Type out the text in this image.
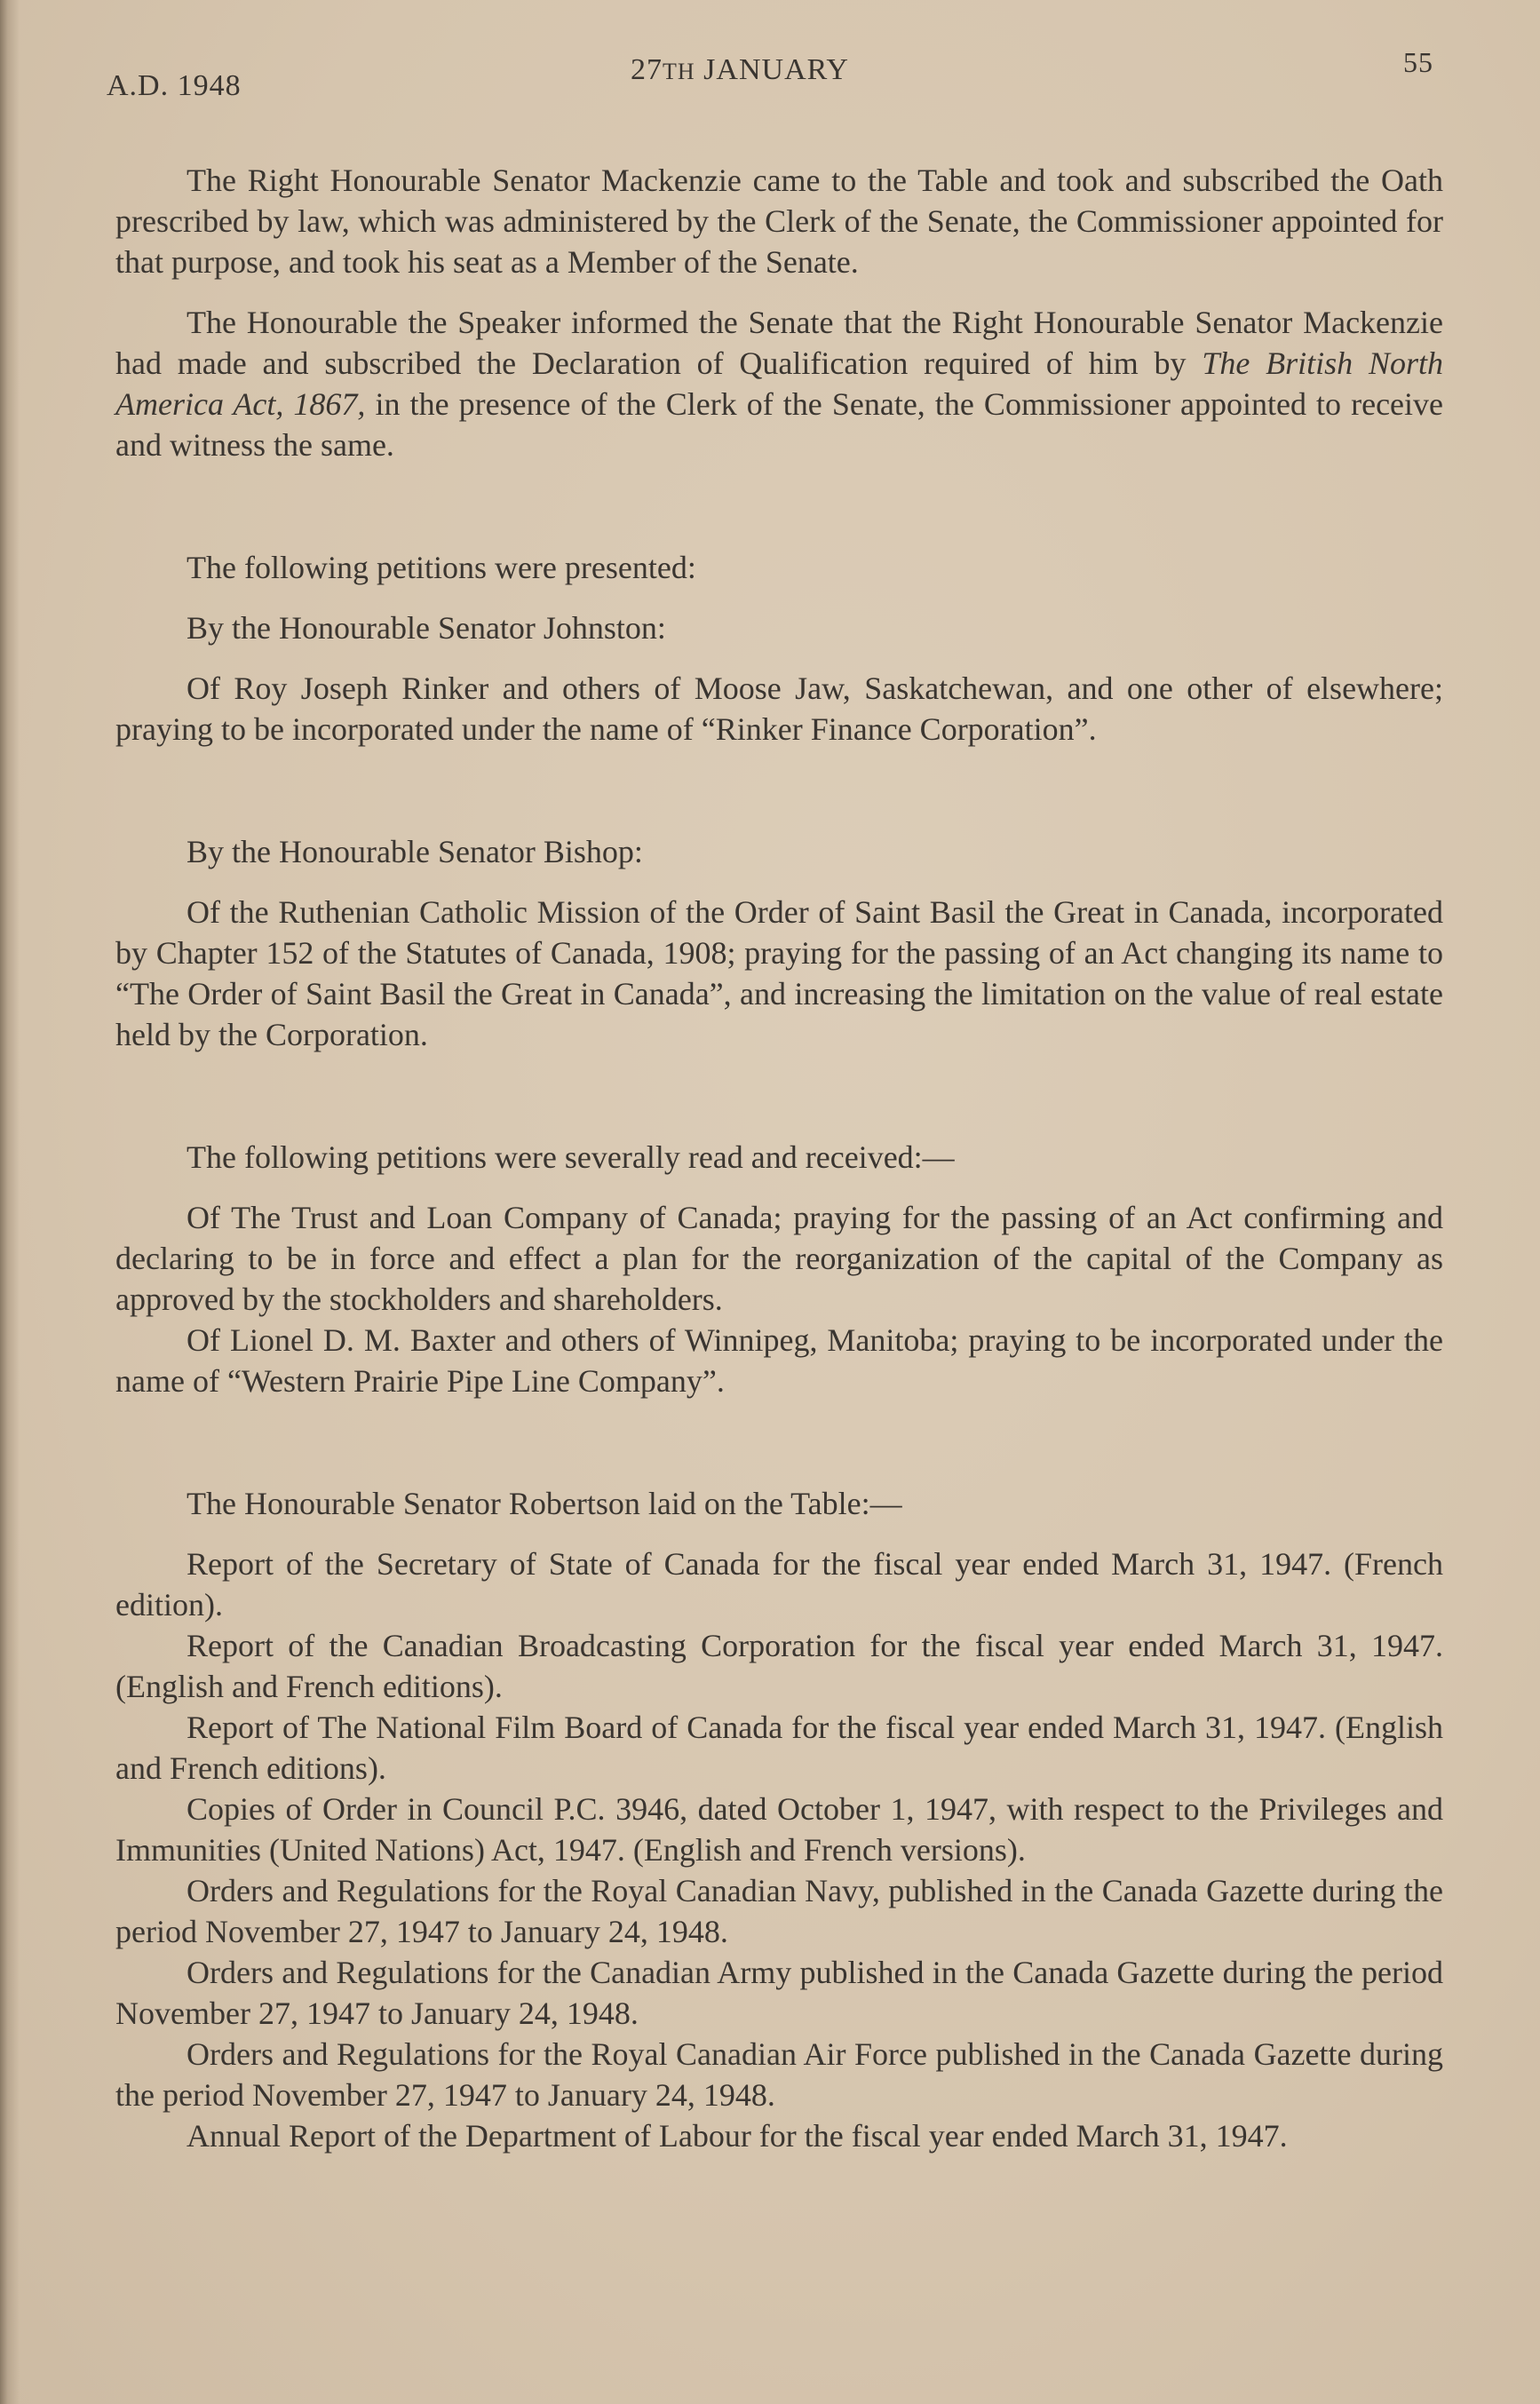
A.D. 1948	27TH JANUARY	55

The Right Honourable Senator Mackenzie came to the Table and took and subscribed the Oath prescribed by law, which was administered by the Clerk of the Senate, the Commissioner appointed for that purpose, and took his seat as a Member of the Senate.

The Honourable the Speaker informed the Senate that the Right Honourable Senator Mackenzie had made and subscribed the Declaration of Qualification required of him by The British North America Act, 1867, in the presence of the Clerk of the Senate, the Commissioner appointed to receive and witness the same.

The following petitions were presented:

By the Honourable Senator Johnston:

Of Roy Joseph Rinker and others of Moose Jaw, Saskatchewan, and one other of elsewhere; praying to be incorporated under the name of “Rinker Finance Corporation”.

By the Honourable Senator Bishop:

Of the Ruthenian Catholic Mission of the Order of Saint Basil the Great in Canada, incorporated by Chapter 152 of the Statutes of Canada, 1908; praying for the passing of an Act changing its name to “The Order of Saint Basil the Great in Canada”, and increasing the limitation on the value of real estate held by the Corporation.

The following petitions were severally read and received:—

Of The Trust and Loan Company of Canada; praying for the passing of an Act confirming and declaring to be in force and effect a plan for the reorganization of the capital of the Company as approved by the stockholders and shareholders.

Of Lionel D. M. Baxter and others of Winnipeg, Manitoba; praying to be incorporated under the name of “Western Prairie Pipe Line Company”.

The Honourable Senator Robertson laid on the Table:—

Report of the Secretary of State of Canada for the fiscal year ended March 31, 1947. (French edition).

Report of the Canadian Broadcasting Corporation for the fiscal year ended March 31, 1947. (English and French editions).

Report of The National Film Board of Canada for the fiscal year ended March 31, 1947. (English and French editions).

Copies of Order in Council P.C. 3946, dated October 1, 1947, with respect to the Privileges and Immunities (United Nations) Act, 1947. (English and French versions).

Orders and Regulations for the Royal Canadian Navy, published in the Canada Gazette during the period November 27, 1947 to January 24, 1948.

Orders and Regulations for the Canadian Army published in the Canada Gazette during the period November 27, 1947 to January 24, 1948.

Orders and Regulations for the Royal Canadian Air Force published in the Canada Gazette during the period November 27, 1947 to January 24, 1948.

Annual Report of the Department of Labour for the fiscal year ended March 31, 1947.
